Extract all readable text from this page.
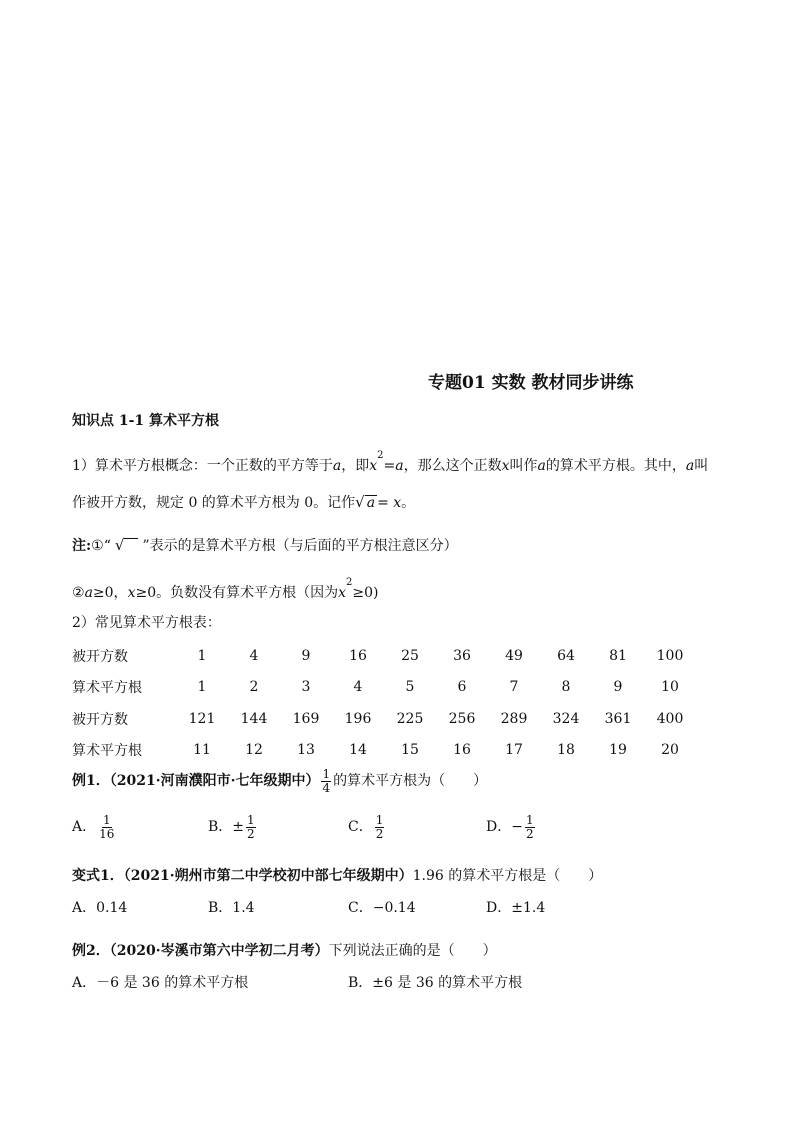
专题01 实数 教材同步讲练
知识点 1-1 算术平方根
1）算术平方根概念：一个正数的平方等于a，即$x^2=a$，那么这个正数x叫作a的算术平方根。其中，a叫
作被开方数，规定 0 的算术平方根为 0。记作√ a = x。
注:①“ √ ”表示的是算术平方根（与后面的平方根注意区分）
②a≥0，x≥0。负数没有算术平方根（因为$x^2\ge 0$)
2）常见算术平方根表：
被开方数	1	4	9	16	25	36	49	64	81	100
算术平方根	1	2	3	4	5	6	7	8	9	10
被开方数	121	144	169	196	225	256	289	324	361	400
算术平方根	11	12	13	14	15	16	17	18	19	20
例1．（2021·河南濮阳市·七年级期中） $\frac{1}{4}$ 的算术平方根为（　　）
A． $\frac{1}{16}$	B．± $\frac{1}{2}$	C． $\frac{1}{2}$	D．− $\frac{1}{2}$
变式1．（2021·朔州市第二中学校初中部七年级期中）1.96 的算术平方根是（　　）
A．0.14	B．1.4	C．−0.14	D．±1.4
例2．（2020·岑溪市第六中学初二月考）下列说法正确的是（　　）
A．－6 是 36 的算术平方根	B．±6 是 36 的算术平方根
